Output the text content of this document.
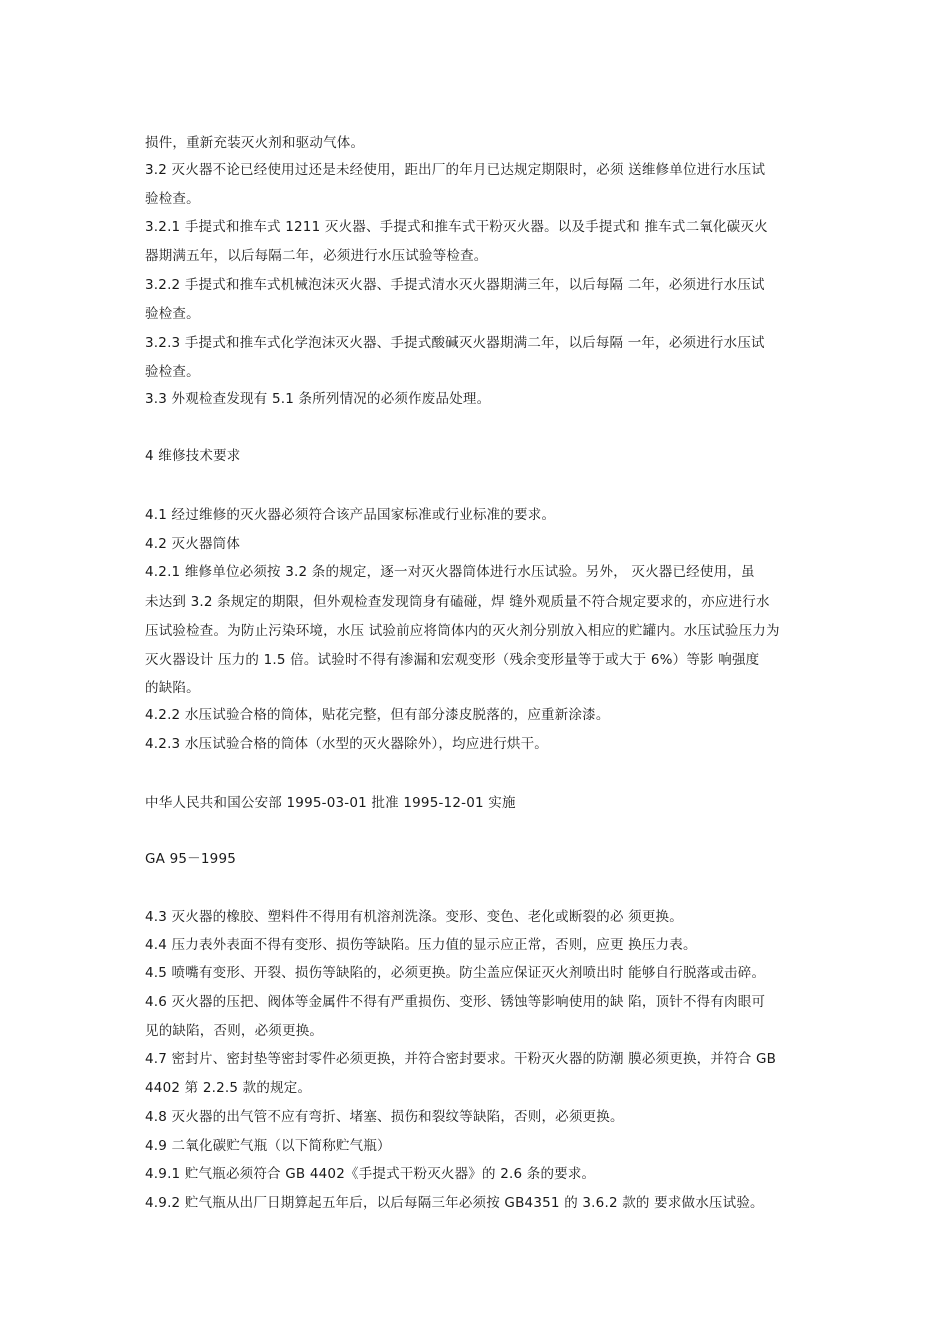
损件，重新充装灭火剂和驱动气体。
3.2 灭火器不论已经使用过还是未经使用，距出厂的年月已达规定期限时，必须 送维修单位进行水压试
验检查。
3.2.1 手提式和推车式 1211 灭火器、手提式和推车式干粉灭火器。以及手提式和 推车式二氧化碳灭火
器期满五年，以后每隔二年，必须进行水压试验等检查。
3.2.2 手提式和推车式机械泡沫灭火器、手提式清水灭火器期满三年，以后每隔 二年，必须进行水压试
验检查。
3.2.3 手提式和推车式化学泡沫灭火器、手提式酸碱灭火器期满二年，以后每隔 一年，必须进行水压试
验检查。
3.3 外观检查发现有 5.1 条所列情况的必须作废品处理。
4 维修技术要求
4.1 经过维修的灭火器必须符合该产品国家标准或行业标准的要求。
4.2 灭火器筒体
4.2.1 维修单位必须按 3.2 条的规定，逐一对灭火器筒体进行水压试验。另外， 灭火器已经使用，虽
未达到 3.2 条规定的期限，但外观检查发现筒身有磕碰，焊 缝外观质量不符合规定要求的，亦应进行水
压试验检查。为防止污染环境，水压 试验前应将筒体内的灭火剂分别放入相应的贮罐内。水压试验压力为
灭火器设计 压力的 1.5 倍。试验时不得有渗漏和宏观变形（残余变形量等于或大于 6%）等影 响强度
的缺陷。
4.2.2 水压试验合格的筒体，贴花完整，但有部分漆皮脱落的，应重新涂漆。
4.2.3 水压试验合格的筒体（水型的灭火器除外），均应进行烘干。
中华人民共和国公安部 1995-03-01 批准 1995-12-01 实施
GA 95－1995
4.3 灭火器的橡胶、塑料件不得用有机溶剂洗涤。变形、变色、老化或断裂的必 须更换。
4.4 压力表外表面不得有变形、损伤等缺陷。压力值的显示应正常，否则，应更 换压力表。
4.5 喷嘴有变形、开裂、损伤等缺陷的，必须更换。防尘盖应保证灭火剂喷出时 能够自行脱落或击碎。
4.6 灭火器的压把、阀体等金属件不得有严重损伤、变形、锈蚀等影响使用的缺 陷，顶针不得有肉眼可
见的缺陷，否则，必须更换。
4.7 密封片、密封垫等密封零件必须更换，并符合密封要求。干粉灭火器的防潮 膜必须更换，并符合 GB
4402 第 2.2.5 款的规定。
4.8 灭火器的出气管不应有弯折、堵塞、损伤和裂纹等缺陷，否则，必须更换。
4.9 二氧化碳贮气瓶（以下简称贮气瓶）
4.9.1 贮气瓶必须符合 GB 4402《手提式干粉灭火器》的 2.6 条的要求。
4.9.2 贮气瓶从出厂日期算起五年后，以后每隔三年必须按 GB4351 的 3.6.2 款的 要求做水压试验。
